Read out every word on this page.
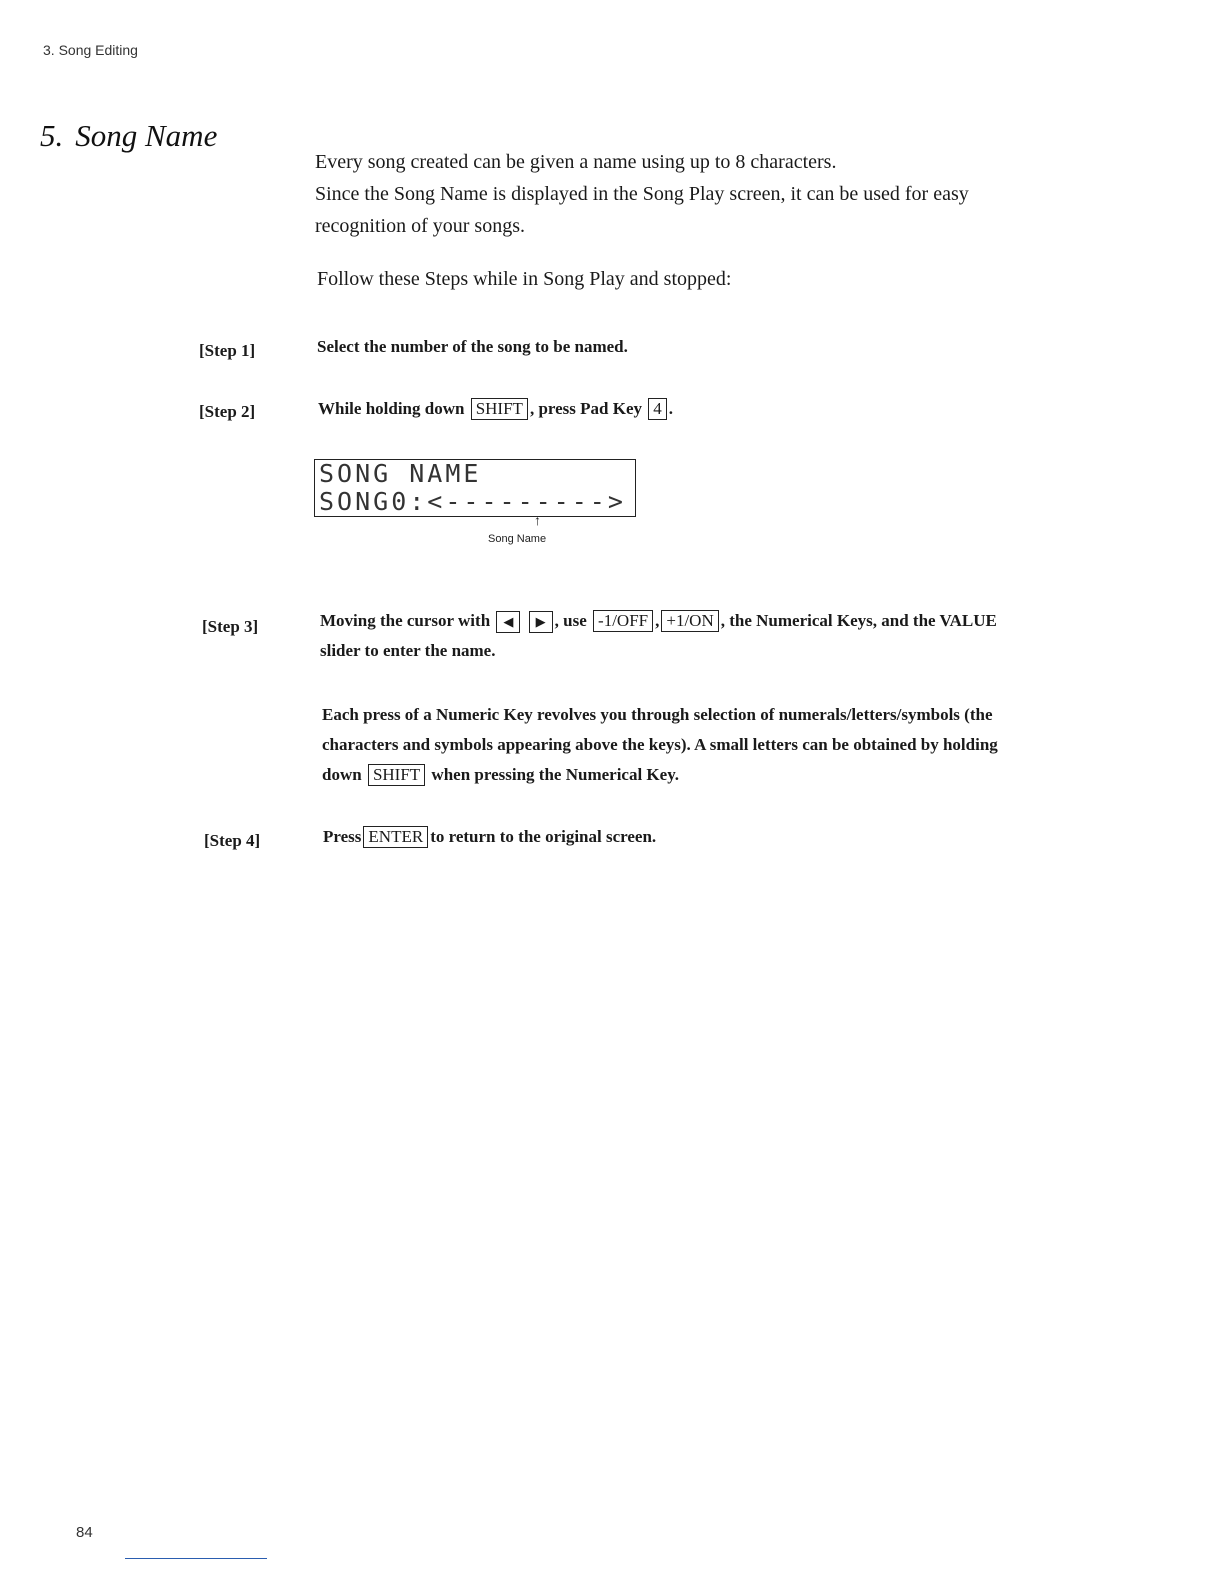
3. Song Editing
5. Song Name

Every song created can be given a name using up to 8 characters.

Since the Song Name is displayed in the Song Play screen, it can be used for easy recognition of your songs.

Follow these Steps while in Song Play and stopped:
[Step 1]	Select the number of the song to be named.

[Step 2]	While holding down SHIFT , press Pad Key 4 .

SONG NAME
SONG0:<--------->
↑
Song Name
[Step 3]	Moving the cursor with ◀ ▶ , use -1/OFF , +1/ON , the Numerical Keys, and the VALUE slider to enter the name.

Each press of a Numeric Key revolves you through selection of numerals/letters/symbols (the characters and symbols appearing above the keys). A small letters can be obtained by holding down SHIFT when pressing the Numerical Key.

[Step 4]	Press ENTER to return to the original screen.

84
